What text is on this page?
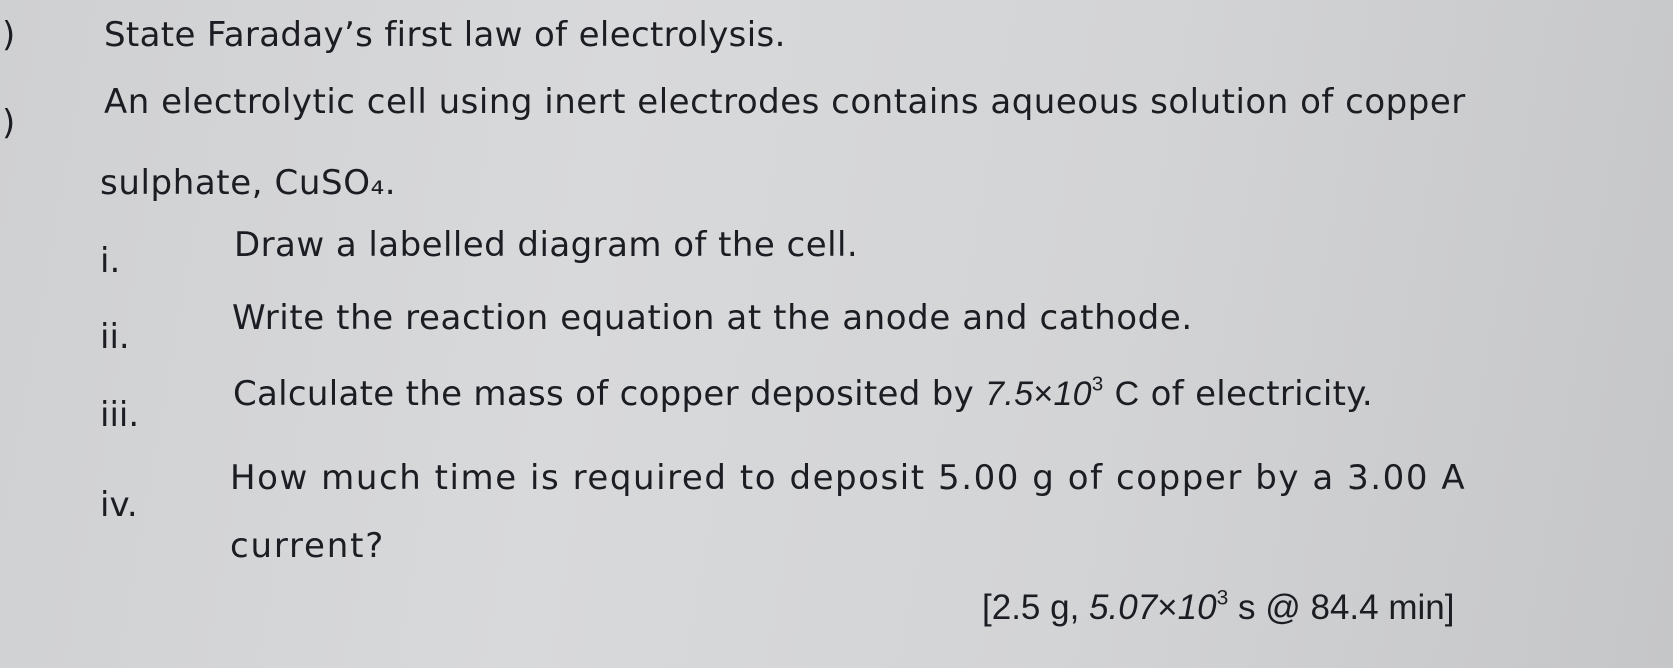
)	State Faraday’s first law of electrolysis.
)
An electrolytic cell using inert electrodes contains aqueous solution of copper
sulphate, CuSO₄.
i.	Draw a labelled diagram of the cell.
ii.	Write the reaction equation at the anode and cathode.
iii.
Calculate the mass of copper deposited by $7.5\times 10^3$ C of electricity.
iv.
How much time is required to deposit 5.00 g of copper by a 3.00 A
current?
[2.5 g, $5.07\times 10^3$ s @ 84.4 min]
